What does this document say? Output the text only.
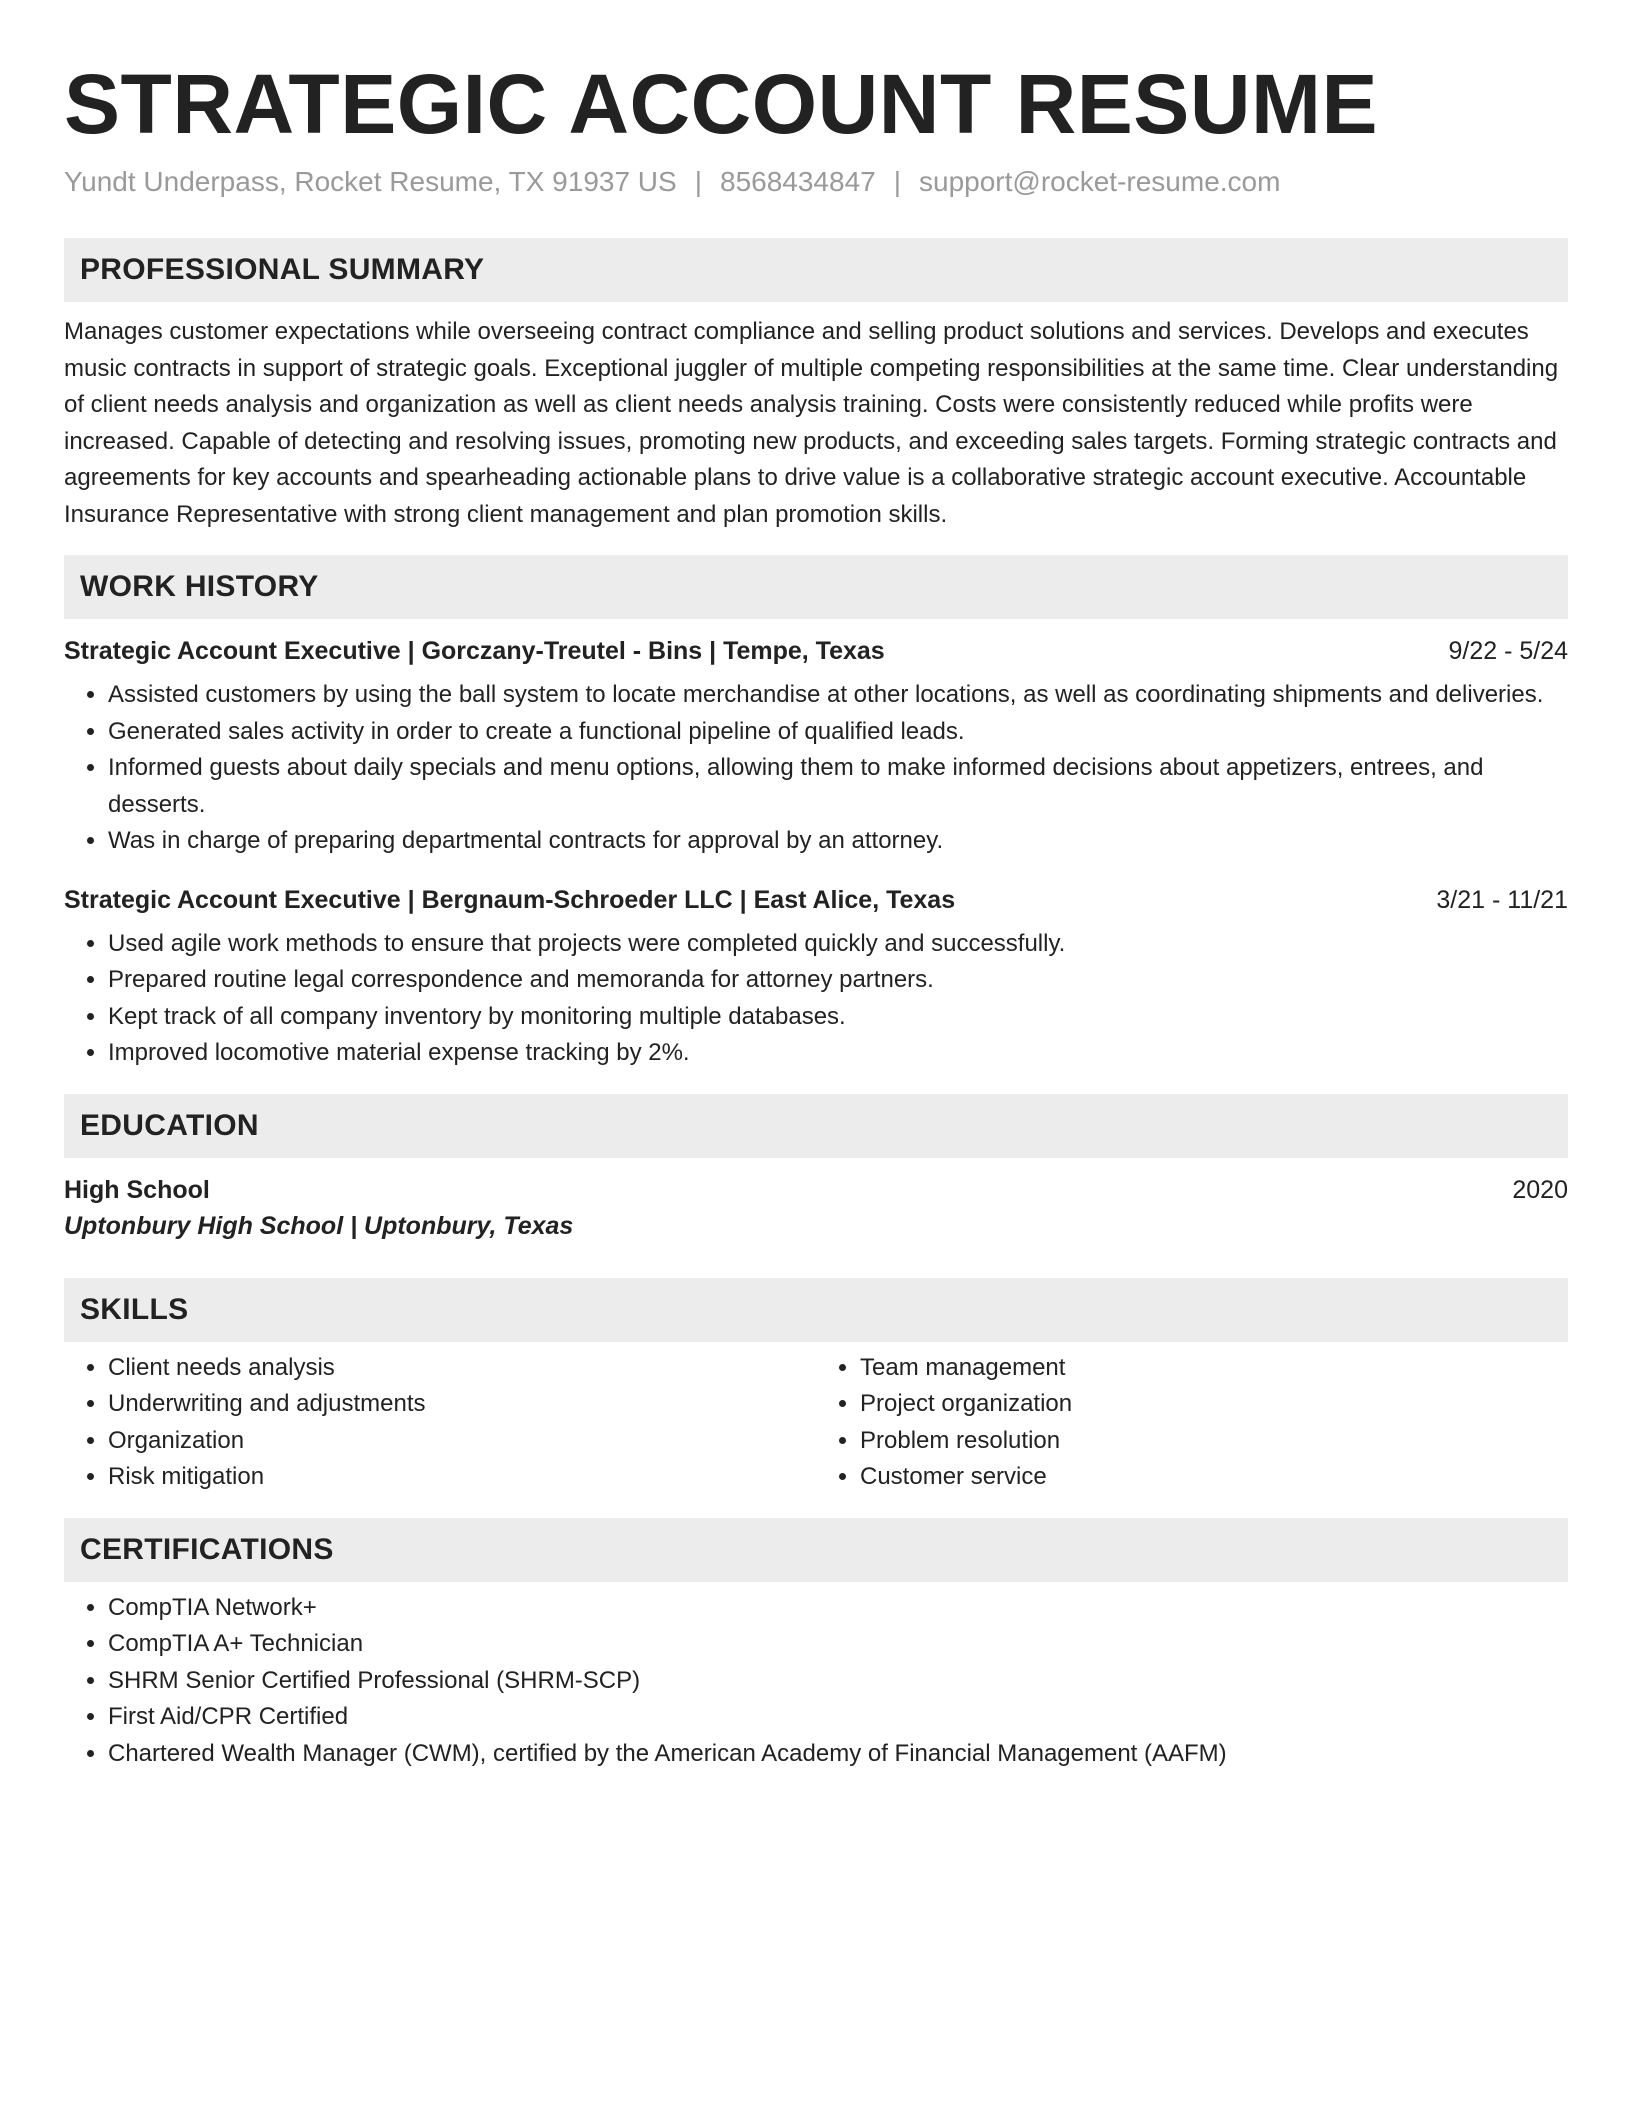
STRATEGIC ACCOUNT RESUME
Yundt Underpass, Rocket Resume, TX 91937 US | 8568434847 | support@rocket-resume.com
PROFESSIONAL SUMMARY

Manages customer expectations while overseeing contract compliance and selling product solutions and services. Develops and executes music contracts in support of strategic goals. Exceptional juggler of multiple competing responsibilities at the same time. Clear understanding of client needs analysis and organization as well as client needs analysis training. Costs were consistently reduced while profits were increased. Capable of detecting and resolving issues, promoting new products, and exceeding sales targets. Forming strategic contracts and agreements for key accounts and spearheading actionable plans to drive value is a collaborative strategic account executive. Accountable Insurance Representative with strong client management and plan promotion skills.

WORK HISTORY
Strategic Account Executive | Gorczany-Treutel - Bins | Tempe, Texas	9/22 - 5/24
• Assisted customers by using the ball system to locate merchandise at other locations, as well as coordinating shipments and deliveries.
• Generated sales activity in order to create a functional pipeline of qualified leads.
• Informed guests about daily specials and menu options, allowing them to make informed decisions about appetizers, entrees, and desserts.
• Was in charge of preparing departmental contracts for approval by an attorney.
Strategic Account Executive | Bergnaum-Schroeder LLC | East Alice, Texas	3/21 - 11/21
• Used agile work methods to ensure that projects were completed quickly and successfully.
• Prepared routine legal correspondence and memoranda for attorney partners.
• Kept track of all company inventory by monitoring multiple databases.
• Improved locomotive material expense tracking by 2%.
EDUCATION
High School	2020
Uptonbury High School | Uptonbury, Texas
SKILLS
• Client needs analysis
• Underwriting and adjustments
• Organization
• Risk mitigation
• Team management
• Project organization
• Problem resolution
• Customer service
CERTIFICATIONS
• CompTIA Network+
• CompTIA A+ Technician
• SHRM Senior Certified Professional (SHRM-SCP)
• First Aid/CPR Certified
• Chartered Wealth Manager (CWM), certified by the American Academy of Financial Management (AAFM)
